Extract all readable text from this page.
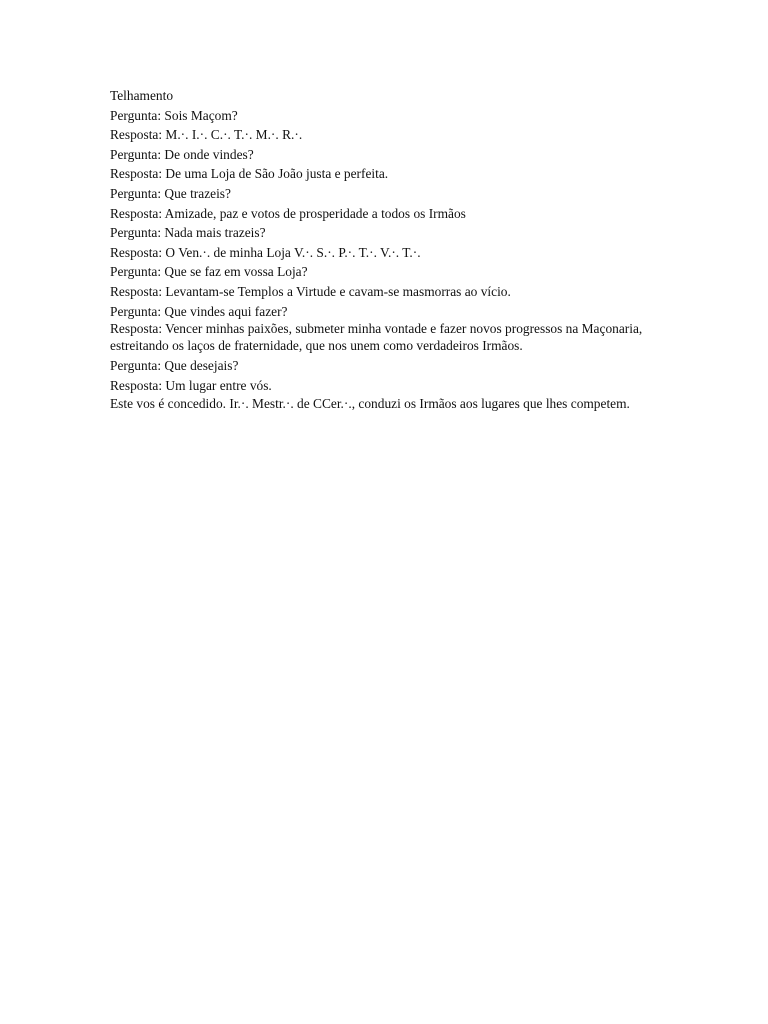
Telhamento

Pergunta: Sois Maçom?

Resposta: M.·. I.·. C.·. T.·. M.·. R.·.

Pergunta: De onde vindes?

Resposta: De uma Loja de São João justa e perfeita.

Pergunta: Que trazeis?

Resposta: Amizade, paz e votos de prosperidade a todos os Irmãos

Pergunta: Nada mais trazeis?

Resposta: O Ven.·. de minha Loja V.·. S.·. P.·. T.·. V.·. T.·.

Pergunta: Que se faz em vossa Loja?

Resposta: Levantam-se Templos a Virtude e cavam-se masmorras ao vício.

Pergunta: Que vindes aqui fazer?

Resposta: Vencer minhas paixões, submeter minha vontade e fazer novos progressos na Maçonaria, estreitando os laços de fraternidade, que nos unem como verdadeiros Irmãos.

Pergunta: Que desejais?

Resposta: Um lugar entre vós.

Este vos é concedido. Ir.·. Mestr.·. de CCer.·., conduzi os Irmãos aos lugares que lhes competem.
